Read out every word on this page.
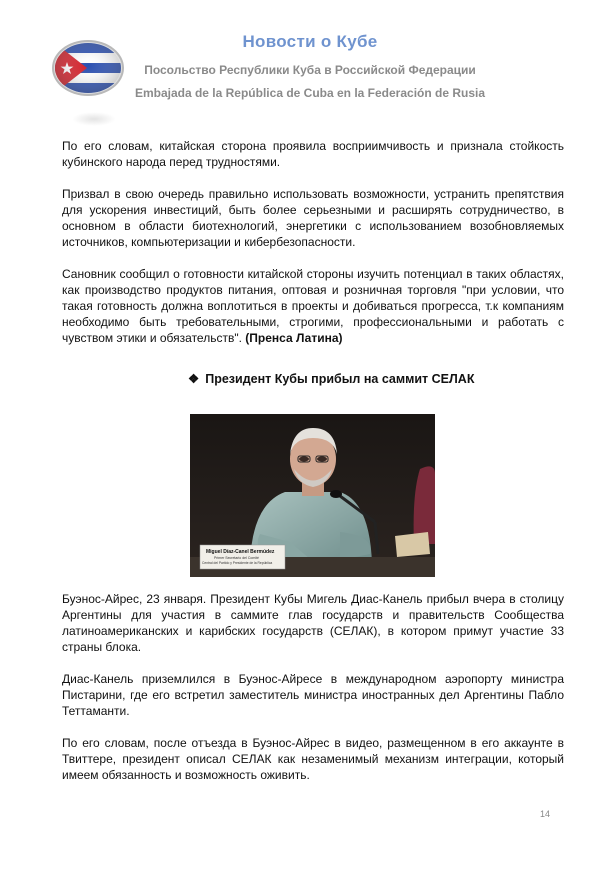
Новости о Кубе
Посольство Республики Куба в Российской Федерации
Embajada de la República de Cuba en la Federación de Rusia

По его словам, китайская сторона проявила восприимчивость и признала стойкость кубинского народа перед трудностями.

Призвал в свою очередь правильно использовать возможности, устранить препятствия для ускорения инвестиций, быть более серьезными и расширять сотрудничество, в основном в области биотехнологий, энергетики с использованием возобновляемых источников, компьютеризации и кибербезопасности.

Сановник сообщил о готовности китайской стороны изучить потенциал в таких областях, как производство продуктов питания, оптовая и розничная торговля "при условии, что такая готовность должна воплотиться в проекты и добиваться прогресса, т.к компаниям необходимо быть требовательными, строгими, профессиональными и работать с чувством этики и обязательств". (Пренса Латина)

❖ Президент Кубы прибыл на саммит СЕЛАК
Miguel Díaz-Canel Bermúdez
Primer Secretario del Comité
Central del Partido y Presidente de la República

Буэнос-Айрес, 23 января. Президент Кубы Мигель Диас-Канель прибыл вчера в столицу Аргентины для участия в саммите глав государств и правительств Сообщества латиноамериканских и карибских государств (СЕЛАК), в котором примут участие 33 страны блока.

Диас-Канель приземлился в Буэнос-Айресе в международном аэропорту министра Пистарини, где его встретил заместитель министра иностранных дел Аргентины Пабло Теттаманти.

По его словам, после отъезда в Буэнос-Айрес в видео, размещенном в его аккаунте в Твиттере, президент описал СЕЛАК как незаменимый механизм интеграции, который имеем обязанность и возможность оживить.

14
